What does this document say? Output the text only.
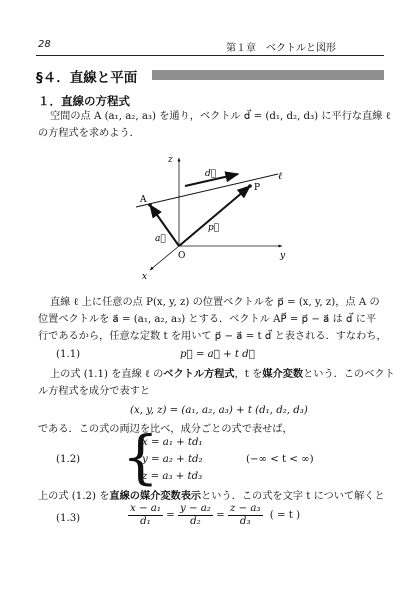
28	第１章　ベクトルと図形
§４．直線と平面
１．直線の方程式
空間の点 A (a₁, a₂, a₃) を通り，ベクトル d⃗ = (d₁, d₂, d₃) に平行な直線 ℓ
の方程式を求めよう．
z
y
x
O
A
P
ℓ
d⃗
a⃗
p⃗
直線 ℓ 上に任意の点 P(x, y, z) の位置ベクトルを p⃗ = (x, y, z)，点 A の
位置ベクトルを a⃗ = (a₁, a₂, a₃) とする．ベクトル AP⃗ = p⃗ − a⃗ は d⃗ に平
行であるから，任意な定数 t を用いて p⃗ − a⃗ = t d⃗ と表される．すなわち，
(1.1)	p⃗ = a⃗ + t d⃗
上の式 (1.1) を直線 ℓ のベクトル方程式，t を媒介変数という．このベクト
ル方程式を成分で表すと
(x, y, z) = (a₁, a₂, a₃) + t (d₁, d₂, d₃)
である．この式の両辺を比べ，成分ごとの式で表せば，
(1.2) {
x = a₁ + td₁
y = a₂ + td₂
z = a₃ + td₃
(−∞ < t < ∞)
上の式 (1.2) を直線の媒介変数表示という．この式を文字 t について解くと
(1.3)	$\frac{\text{x − a₁}}{\text{d₁}} = \frac{\text{y − a₂}}{\text{d₂}} = \frac{\text{z − a₃}}{\text{d₃}}$ ( = t )
